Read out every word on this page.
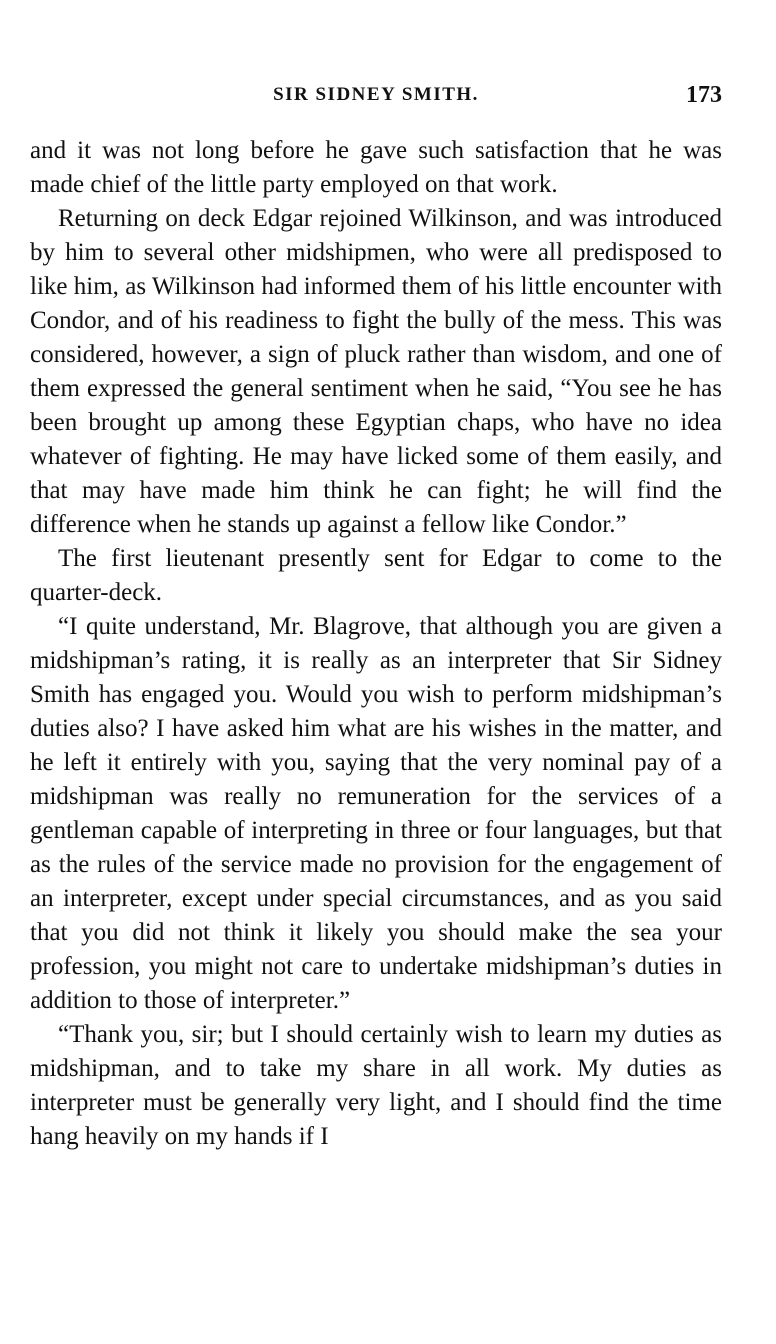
SIR SIDNEY SMITH.	173

and it was not long before he gave such satisfaction that he was made chief of the little party employed on that work.

Returning on deck Edgar rejoined Wilkinson, and was introduced by him to several other midshipmen, who were all predisposed to like him, as Wilkinson had informed them of his little encounter with Condor, and of his readiness to fight the bully of the mess. This was considered, however, a sign of pluck rather than wisdom, and one of them expressed the general sentiment when he said, “You see he has been brought up among these Egyptian chaps, who have no idea whatever of fighting. He may have licked some of them easily, and that may have made him think he can fight; he will find the difference when he stands up against a fellow like Condor.”

The first lieutenant presently sent for Edgar to come to the quarter-deck.

“I quite understand, Mr. Blagrove, that although you are given a midshipman’s rating, it is really as an interpreter that Sir Sidney Smith has engaged you. Would you wish to perform midshipman’s duties also? I have asked him what are his wishes in the matter, and he left it entirely with you, saying that the very nominal pay of a midshipman was really no remuneration for the services of a gentleman capable of interpreting in three or four languages, but that as the rules of the service made no provision for the engagement of an interpreter, except under special circumstances, and as you said that you did not think it likely you should make the sea your profession, you might not care to undertake midshipman’s duties in addition to those of interpreter.”

“Thank you, sir; but I should certainly wish to learn my duties as midshipman, and to take my share in all work. My duties as interpreter must be generally very light, and I should find the time hang heavily on my hands if I
